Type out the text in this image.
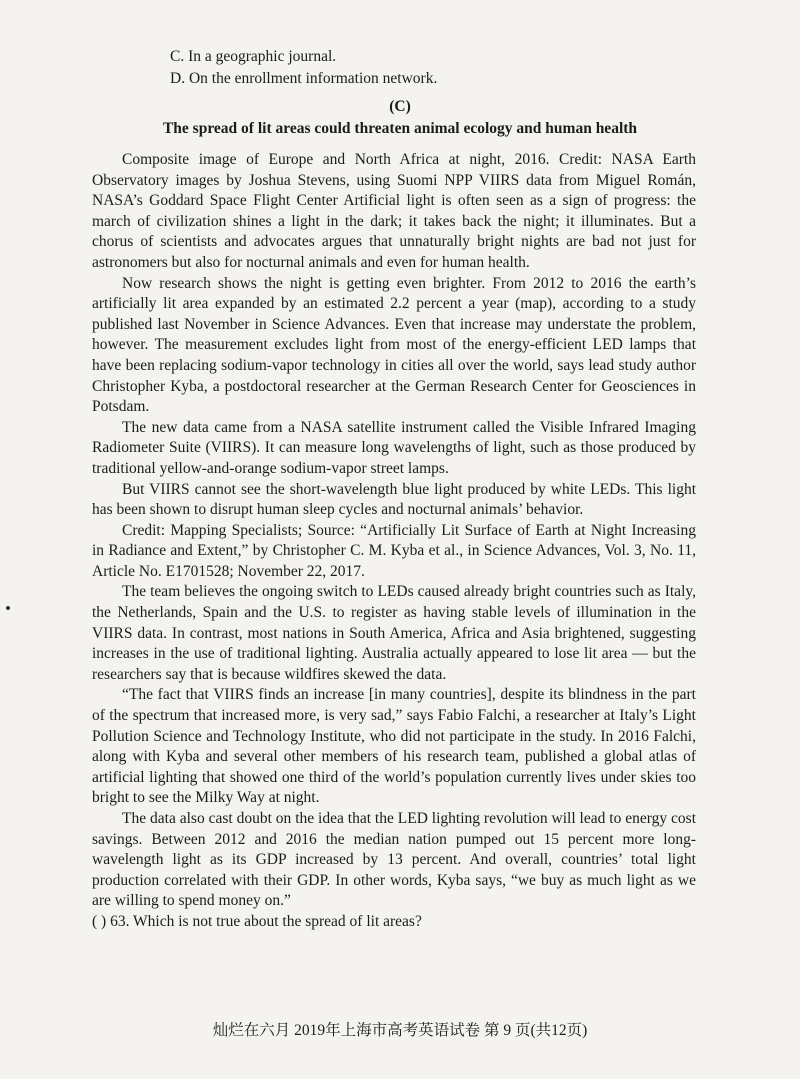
C. In a geographic journal.
D. On the enrollment information network.
(C)
The spread of lit areas could threaten animal ecology and human health

Composite image of Europe and North Africa at night, 2016. Credit: NASA Earth Observatory images by Joshua Stevens, using Suomi NPP VIIRS data from Miguel Román, NASA’s Goddard Space Flight Center Artificial light is often seen as a sign of progress: the march of civilization shines a light in the dark; it takes back the night; it illuminates. But a chorus of scientists and advocates argues that unnaturally bright nights are bad not just for astronomers but also for nocturnal animals and even for human health.

Now research shows the night is getting even brighter. From 2012 to 2016 the earth’s artificially lit area expanded by an estimated 2.2 percent a year (map), according to a study published last November in Science Advances. Even that increase may understate the problem, however. The measurement excludes light from most of the energy-efficient LED lamps that have been replacing sodium-vapor technology in cities all over the world, says lead study author Christopher Kyba, a postdoctoral researcher at the German Research Center for Geosciences in Potsdam.

The new data came from a NASA satellite instrument called the Visible Infrared Imaging Radiometer Suite (VIIRS). It can measure long wavelengths of light, such as those produced by traditional yellow-and-orange sodium-vapor street lamps.

But VIIRS cannot see the short-wavelength blue light produced by white LEDs. This light has been shown to disrupt human sleep cycles and nocturnal animals’ behavior.

Credit: Mapping Specialists; Source: “Artificially Lit Surface of Earth at Night Increasing in Radiance and Extent,” by Christopher C. M. Kyba et al., in Science Advances, Vol. 3, No. 11, Article No. E1701528; November 22, 2017.

The team believes the ongoing switch to LEDs caused already bright countries such as Italy, the Netherlands, Spain and the U.S. to register as having stable levels of illumination in the VIIRS data. In contrast, most nations in South America, Africa and Asia brightened, suggesting increases in the use of traditional lighting. Australia actually appeared to lose lit area — but the researchers say that is because wildfires skewed the data.

“The fact that VIIRS finds an increase [in many countries], despite its blindness in the part of the spectrum that increased more, is very sad,” says Fabio Falchi, a researcher at Italy’s Light Pollution Science and Technology Institute, who did not participate in the study. In 2016 Falchi, along with Kyba and several other members of his research team, published a global atlas of artificial lighting that showed one third of the world’s population currently lives under skies too bright to see the Milky Way at night.

The data also cast doubt on the idea that the LED lighting revolution will lead to energy cost savings. Between 2012 and 2016 the median nation pumped out 15 percent more long-wavelength light as its GDP increased by 13 percent. And overall, countries’ total light production correlated with their GDP. In other words, Kyba says, “we buy as much light as we are willing to spend money on.”

( ) 63. Which is not true about the spread of lit areas?

灿烂在六月 2019年上海市高考英语试卷 第 9 页(共12页)
